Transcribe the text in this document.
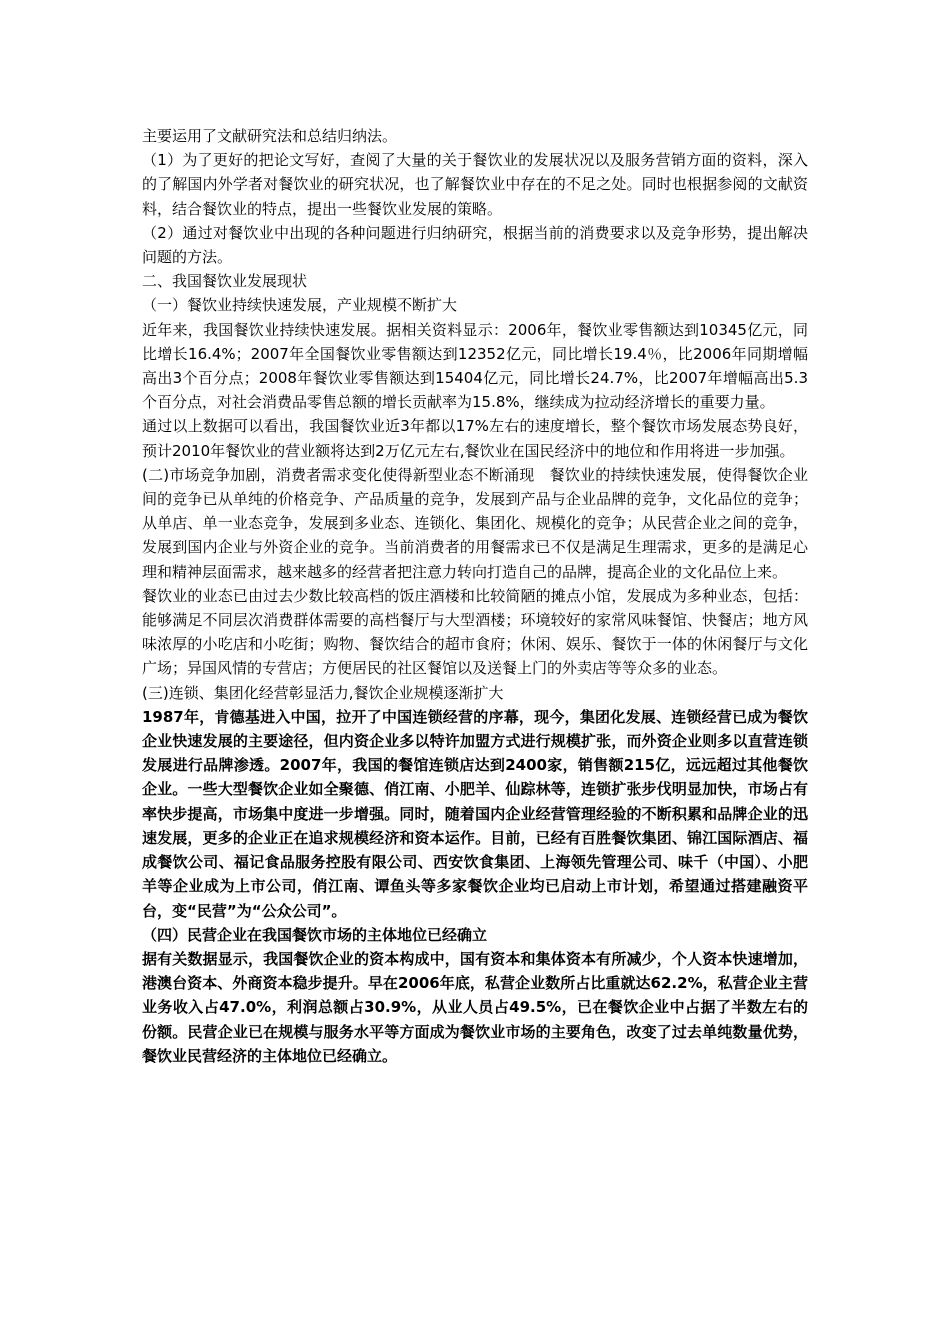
主要运用了文献研究法和总结归纳法。

（1）为了更好的把论文写好，查阅了大量的关于餐饮业的发展状况以及服务营销方面的资料，深入的了解国内外学者对餐饮业的研究状况，也了解餐饮业中存在的不足之处。同时也根据参阅的文献资料，结合餐饮业的特点，提出一些餐饮业发展的策略。

（2）通过对餐饮业中出现的各种问题进行归纳研究，根据当前的消费要求以及竞争形势，提出解决问题的方法。

二、我国餐饮业发展现状

（一）餐饮业持续快速发展，产业规模不断扩大

近年来，我国餐饮业持续快速发展。据相关资料显示：2006年，餐饮业零售额达到10345亿元，同比增长16.4%；2007年全国餐饮业零售额达到12352亿元，同比增长19.4％，比2006年同期增幅高出3个百分点；2008年餐饮业零售额达到15404亿元，同比增长24.7%，比2007年增幅高出5.3个百分点，对社会消费品零售总额的增长贡献率为15.8%，继续成为拉动经济增长的重要力量。

通过以上数据可以看出，我国餐饮业近3年都以17%左右的速度增长，整个餐饮市场发展态势良好，预计2010年餐饮业的营业额将达到2万亿元左右,餐饮业在国民经济中的地位和作用将进一步加强。

(二)市场竞争加剧，消费者需求变化使得新型业态不断涌现　餐饮业的持续快速发展，使得餐饮企业间的竞争已从单纯的价格竞争、产品质量的竞争，发展到产品与企业品牌的竞争，文化品位的竞争；从单店、单一业态竞争，发展到多业态、连锁化、集团化、规模化的竞争；从民营企业之间的竞争，发展到国内企业与外资企业的竞争。当前消费者的用餐需求已不仅是满足生理需求，更多的是满足心理和精神层面需求，越来越多的经营者把注意力转向打造自己的品牌，提高企业的文化品位上来。

餐饮业的业态已由过去少数比较高档的饭庄酒楼和比较简陋的摊点小馆，发展成为多种业态，包括：能够满足不同层次消费群体需要的高档餐厅与大型酒楼；环境较好的家常风味餐馆、快餐店；地方风味浓厚的小吃店和小吃街；购物、餐饮结合的超市食府；休闲、娱乐、餐饮于一体的休闲餐厅与文化广场；异国风情的专营店；方便居民的社区餐馆以及送餐上门的外卖店等等众多的业态。

(三)连锁、集团化经营彰显活力,餐饮企业规模逐渐扩大

1987年，肯德基进入中国，拉开了中国连锁经营的序幕，现今，集团化发展、连锁经营已成为餐饮企业快速发展的主要途径，但内资企业多以特许加盟方式进行规模扩张，而外资企业则多以直营连锁发展进行品牌渗透。2007年，我国的餐馆连锁店达到2400家，销售额215亿，远远超过其他餐饮企业。一些大型餐饮企业如全聚德、俏江南、小肥羊、仙踪林等，连锁扩张步伐明显加快，市场占有率快步提高，市场集中度进一步增强。同时，随着国内企业经营管理经验的不断积累和品牌企业的迅速发展，更多的企业正在追求规模经济和资本运作。目前，已经有百胜餐饮集团、锦江国际酒店、福成餐饮公司、福记食品服务控股有限公司、西安饮食集团、上海领先管理公司、味千（中国）、小肥羊等企业成为上市公司，俏江南、谭鱼头等多家餐饮企业均已启动上市计划，希望通过搭建融资平台，变“民营”为“公众公司”。

（四）民营企业在我国餐饮市场的主体地位已经确立

据有关数据显示，我国餐饮企业的资本构成中，国有资本和集体资本有所减少，个人资本快速增加，港澳台资本、外商资本稳步提升。早在2006年底，私营企业数所占比重就达62.2%，私营企业主营业务收入占47.0%，利润总额占30.9%，从业人员占49.5%，已在餐饮企业中占据了半数左右的份额。民营企业已在规模与服务水平等方面成为餐饮业市场的主要角色，改变了过去单纯数量优势，餐饮业民营经济的主体地位已经确立。
